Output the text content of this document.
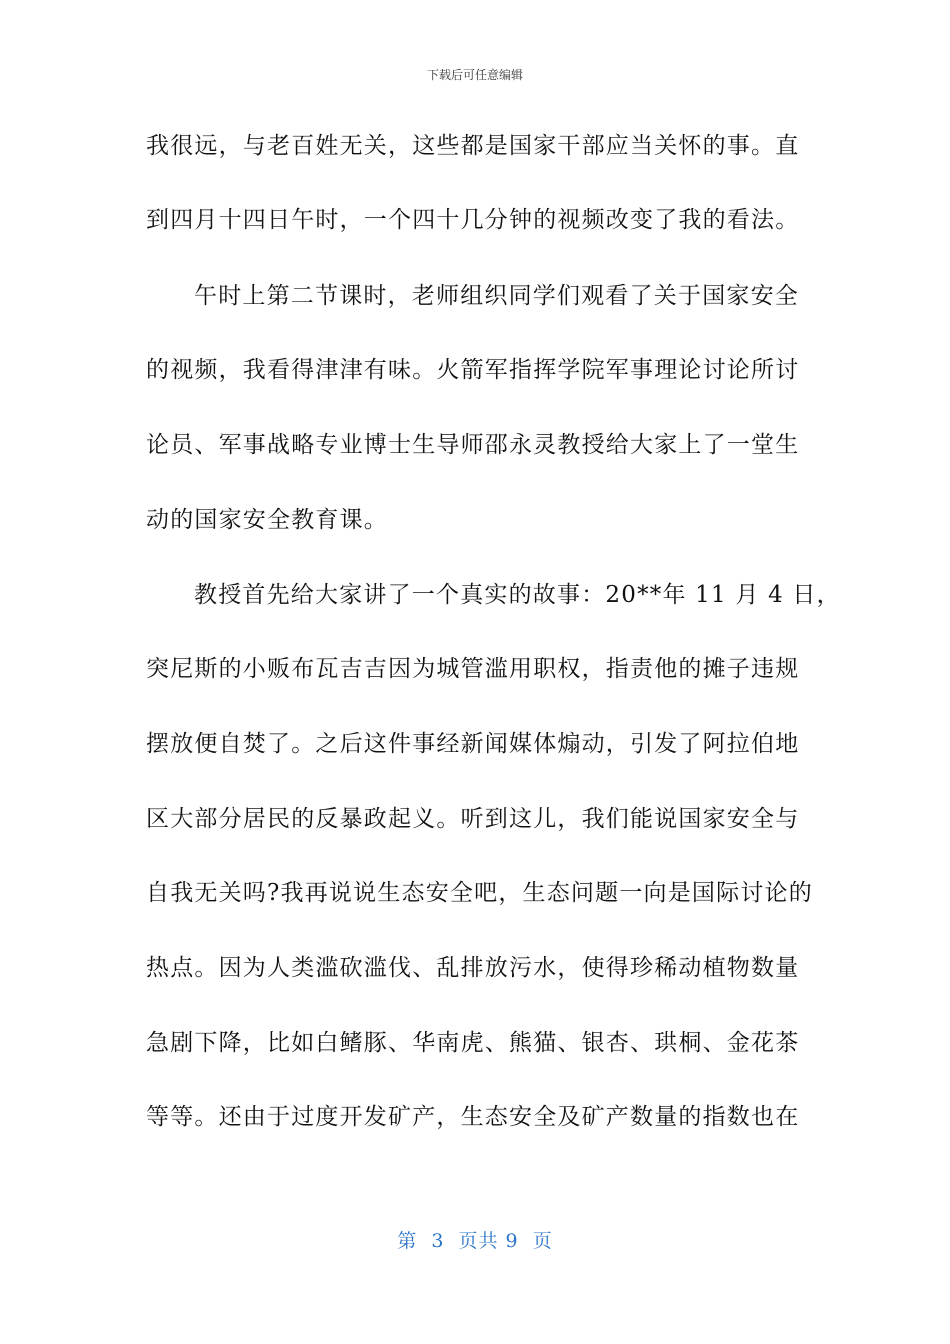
下载后可任意编辑
我很远，与老百姓无关，这些都是国家干部应当关怀的事。直
到四月十四日午时，一个四十几分钟的视频改变了我的看法。
午时上第二节课时，老师组织同学们观看了关于国家安全
的视频，我看得津津有味。火箭军指挥学院军事理论讨论所讨
论员、军事战略专业博士生导师邵永灵教授给大家上了一堂生
动的国家安全教育课。
教授首先给大家讲了一个真实的故事：20**年 11 月 4 日，
突尼斯的小贩布瓦吉吉因为城管滥用职权，指责他的摊子违规
摆放便自焚了。之后这件事经新闻媒体煽动，引发了阿拉伯地
区大部分居民的反暴政起义。听到这儿，我们能说国家安全与
自我无关吗?我再说说生态安全吧，生态问题一向是国际讨论的
热点。因为人类滥砍滥伐、乱排放污水，使得珍稀动植物数量
急剧下降，比如白鳍豚、华南虎、熊猫、银杏、珙桐、金花茶
等等。还由于过度开发矿产，生态安全及矿产数量的指数也在
第  3  页共 9  页
